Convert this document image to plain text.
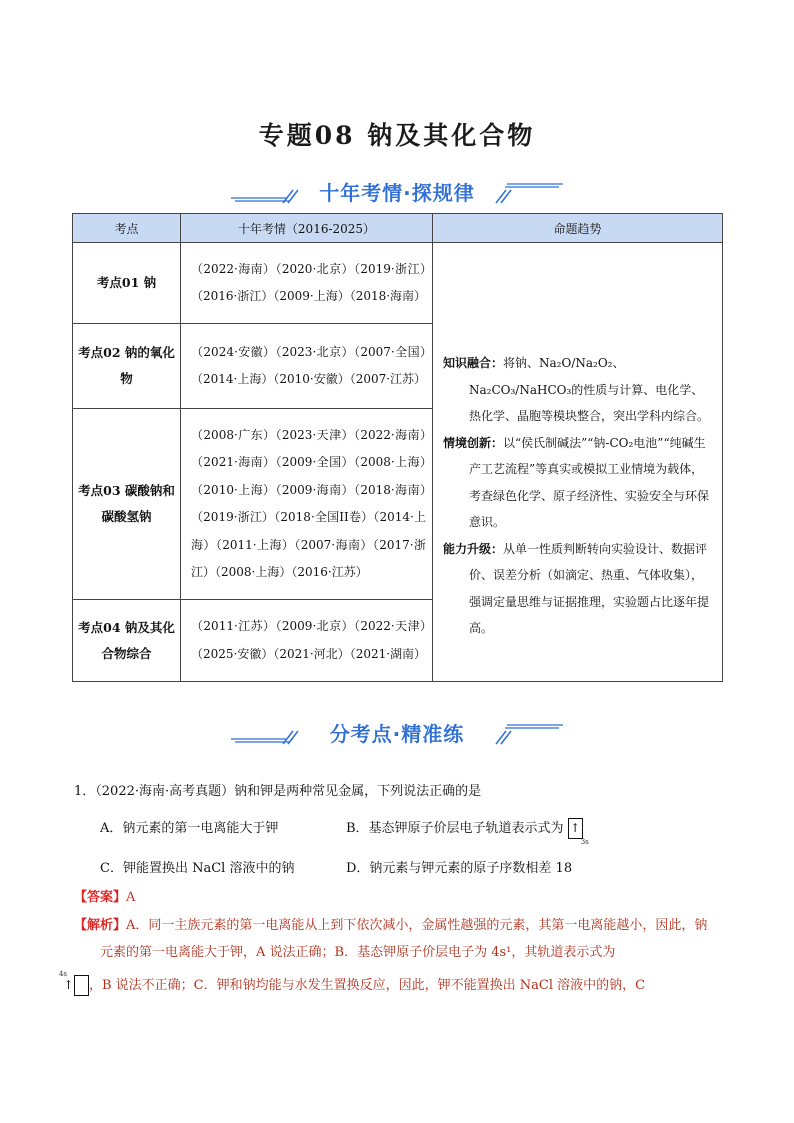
专题08 钠及其化合物
十年考情·探规律
考点	十年考情（2016-2025）	命题趋势
考点01 钠	（2022·海南）（2020·北京）（2019·浙江）（2016·浙江）（2009·上海）（2018·海南）	知识融合：将钠、Na₂O/Na₂O₂、Na₂CO₃/NaHCO₃的性质与计算、电化学、热化学、晶胞等模块整合，突出学科内综合。
情境创新：以“侯氏制碱法”“钠-CO₂电池”“纯碱生产工艺流程”等真实或模拟工业情境为载体，考查绿色化学、原子经济性、实验安全与环保意识。
能力升级：从单一性质判断转向实验设计、数据评价、误差分析（如滴定、热重、气体收集），强调定量思维与证据推理，实验题占比逐年提高。

考点02 钠的氧化物	（2024·安徽）（2023·北京）（2007·全国）（2014·上海）（2010·安徽）（2007·江苏）	
考点03 碳酸钠和碳酸氢钠	（2008·广东）（2023·天津）（2022·海南）（2021·海南）（2009·全国）（2008·上海）（2010·上海）（2009·海南）（2018·海南）（2019·浙江）（2018·全国II卷）（2014·上海）（2011·上海）（2007·海南）（2017·浙江）（2008·上海）（2016·江苏）	
考点04 钠及其化合物综合	（2011·江苏）（2009·北京）（2022·天津）（2025·安徽）（2021·河北）（2021·湖南）	
分考点·精准练

1．（2022·海南·高考真题）钠和钾是两种常见金属，下列说法正确的是

A．钠元素的第一电离能大于钾	B．基态钾原子价层电子轨道表示式为 ↑
3s
C．钾能置换出 NaCl 溶液中的钠	D．钠元素与钾元素的原子序数相差 18
【答案】A

【解析】A．同一主族元素的第一电离能从上到下依次减小，金属性越强的元素，其第一电离能越小，因此，钠元素的第一电离能大于钾，A 说法正确；B．基态钾原子价层电子为 4s¹，其轨道表示式为

↑
4s
，B 说法不正确；C．钾和钠均能与水发生置换反应，因此，钾不能置换出 NaCl 溶液中的钠，C
